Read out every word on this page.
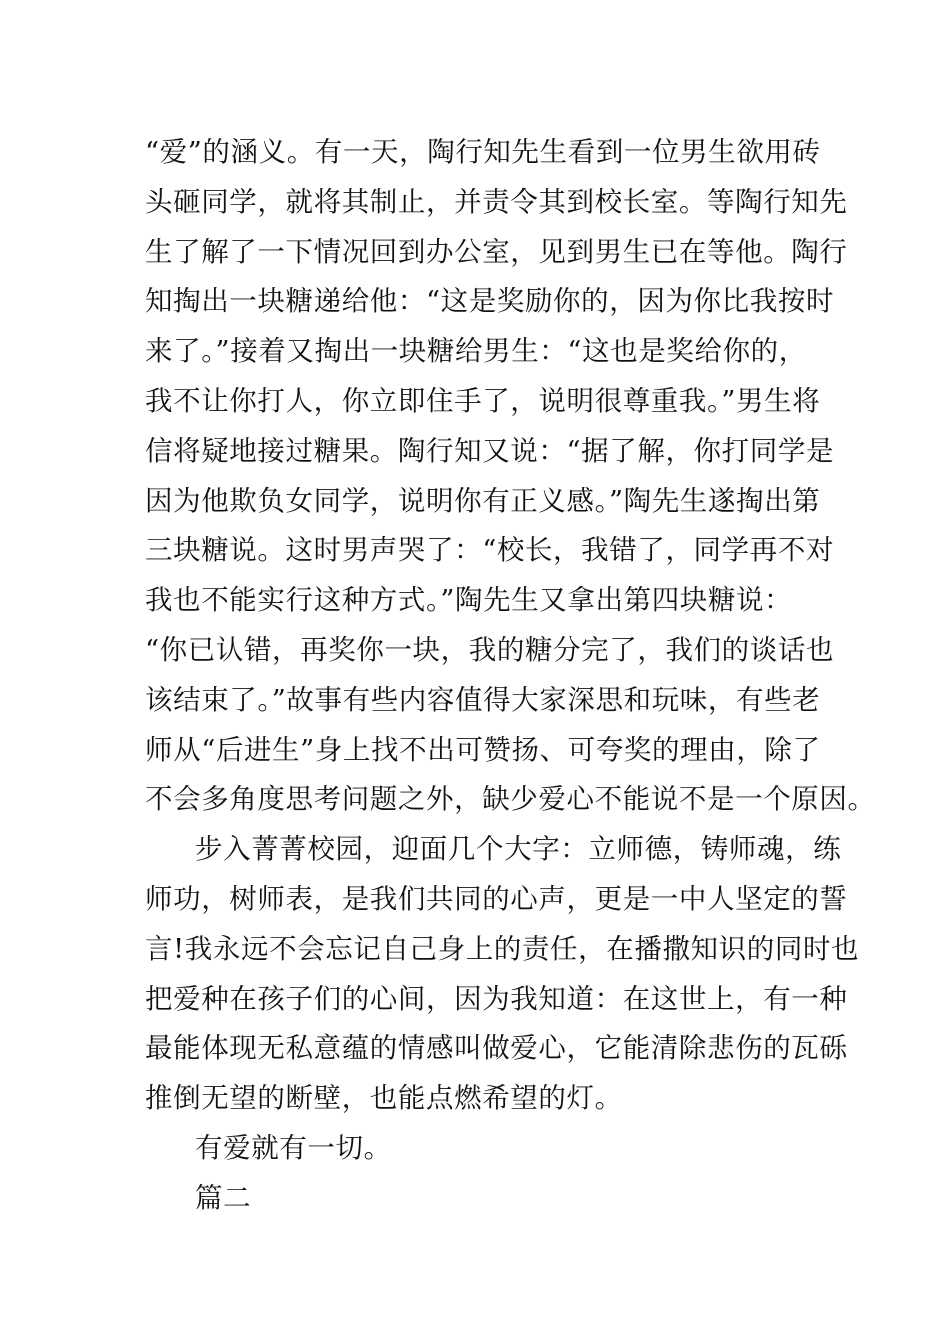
“爱”的涵义。有一天，陶行知先生看到一位男生欲用砖
头砸同学，就将其制止，并责令其到校长室。等陶行知先
生了解了一下情况回到办公室，见到男生已在等他。陶行
知掏出一块糖递给他：“这是奖励你的，因为你比我按时
来了。”接着又掏出一块糖给男生：“这也是奖给你的，
我不让你打人，你立即住手了，说明很尊重我。”男生将
信将疑地接过糖果。陶行知又说：“据了解，你打同学是
因为他欺负女同学，说明你有正义感。”陶先生遂掏出第
三块糖说。这时男声哭了：“校长，我错了，同学再不对
我也不能实行这种方式。”陶先生又拿出第四块糖说：
“你已认错，再奖你一块，我的糖分完了，我们的谈话也
该结束了。”故事有些内容值得大家深思和玩味，有些老
师从“后进生”身上找不出可赞扬、可夸奖的理由，除了
不会多角度思考问题之外，缺少爱心不能说不是一个原因。
步入菁菁校园，迎面几个大字：立师德，铸师魂，练
师功，树师表，是我们共同的心声，更是一中人坚定的誓
言!我永远不会忘记自己身上的责任，在播撒知识的同时也
把爱种在孩子们的心间，因为我知道：在这世上，有一种
最能体现无私意蕴的情感叫做爱心，它能清除悲伤的瓦砾
推倒无望的断壁，也能点燃希望的灯。
有爱就有一切。
篇二
